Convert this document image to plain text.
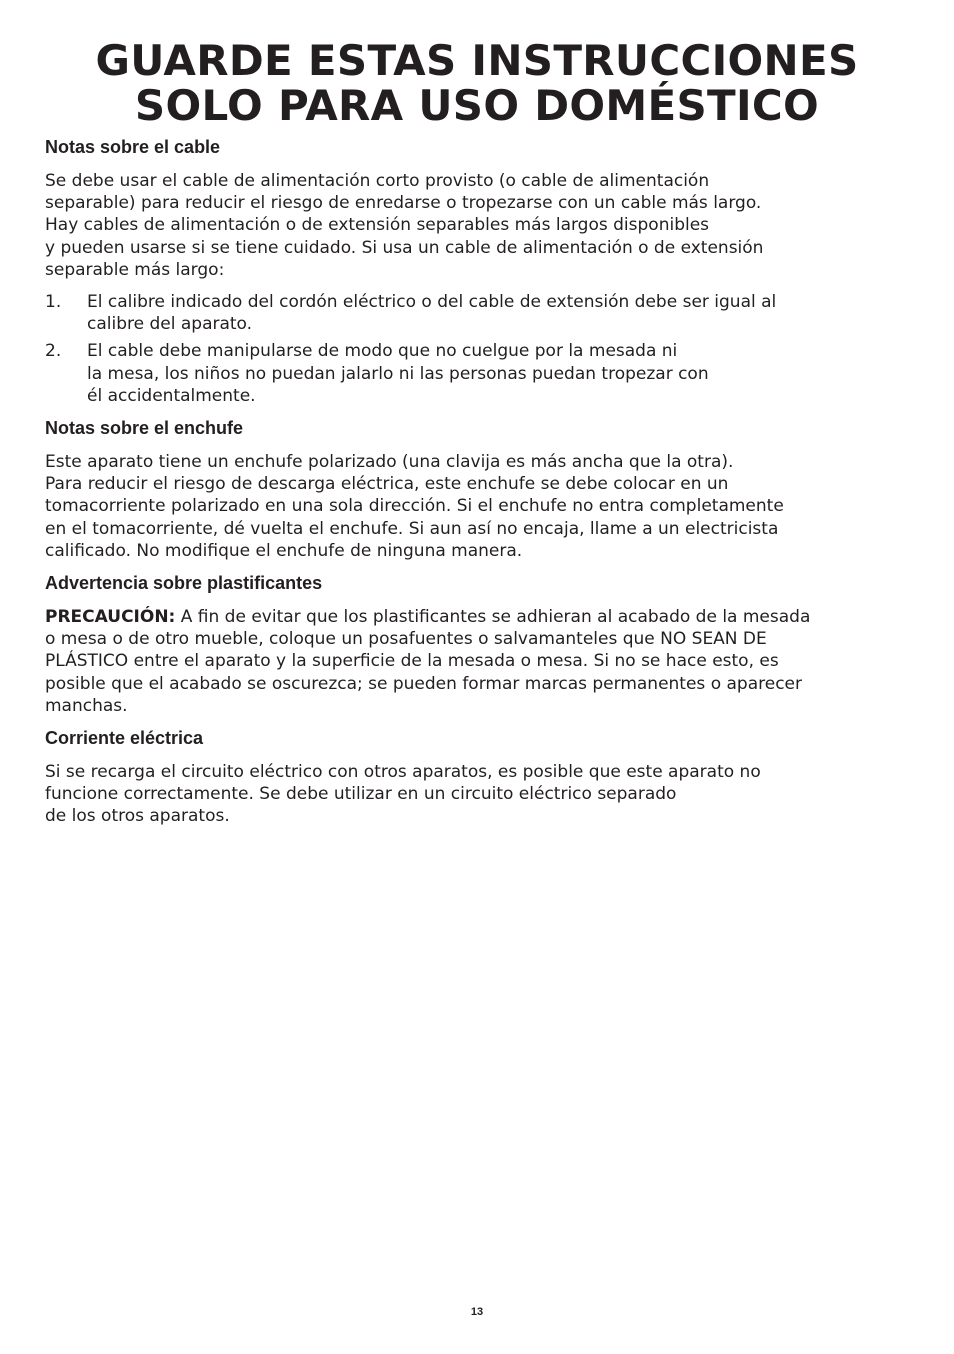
GUARDE ESTAS INSTRUCCIONES
SOLO PARA USO DOMÉSTICO
Notas sobre el cable
Se debe usar el cable de alimentación corto provisto (o cable de alimentación
separable) para reducir el riesgo de enredarse o tropezarse con un cable más largo.
Hay cables de alimentación o de extensión separables más largos disponibles
y pueden usarse si se tiene cuidado. Si usa un cable de alimentación o de extensión
separable más largo:
1.	El calibre indicado del cordón eléctrico o del cable de extensión debe ser igual al
calibre del aparato.
2.	El cable debe manipularse de modo que no cuelgue por la mesada ni
la mesa, los niños no puedan jalarlo ni las personas puedan tropezar con
él accidentalmente.
Notas sobre el enchufe
Este aparato tiene un enchufe polarizado (una clavija es más ancha que la otra).
Para reducir el riesgo de descarga eléctrica, este enchufe se debe colocar en un
tomacorriente polarizado en una sola dirección. Si el enchufe no entra completamente
en el tomacorriente, dé vuelta el enchufe. Si aun así no encaja, llame a un electricista
calificado. No modifique el enchufe de ninguna manera.
Advertencia sobre plastificantes
PRECAUCIÓN: A fin de evitar que los plastificantes se adhieran al acabado de la mesada
o mesa o de otro mueble, coloque un posafuentes o salvamanteles que NO SEAN DE
PLÁSTICO entre el aparato y la superficie de la mesada o mesa. Si no se hace esto, es
posible que el acabado se oscurezca; se pueden formar marcas permanentes o aparecer
manchas.
Corriente eléctrica
Si se recarga el circuito eléctrico con otros aparatos, es posible que este aparato no
funcione correctamente. Se debe utilizar en un circuito eléctrico separado
de los otros aparatos.
13
